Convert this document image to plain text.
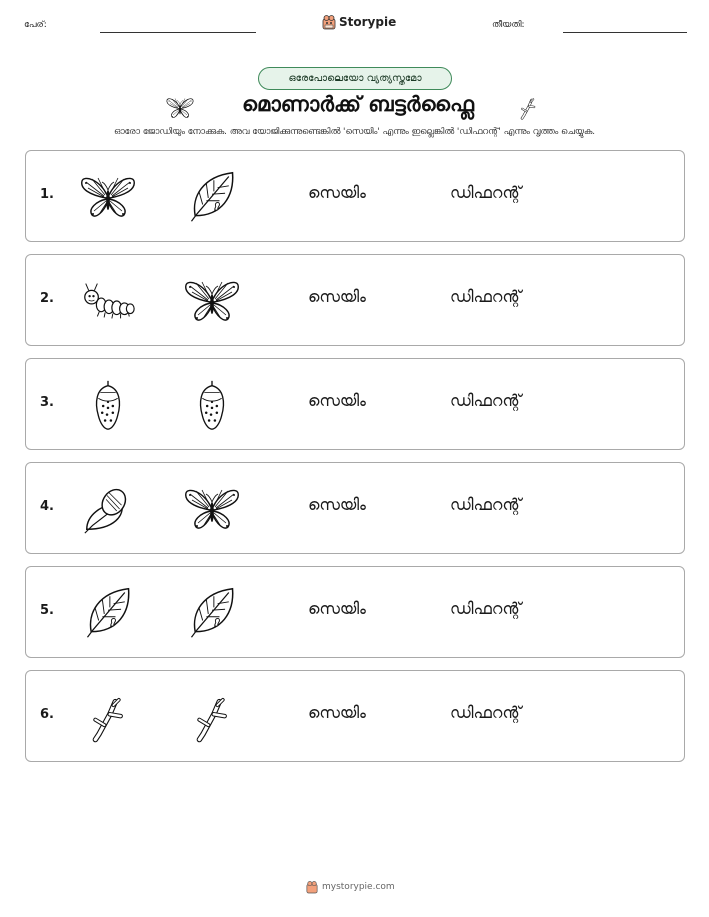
പേര്:	Storypie	തീയതി:
ഒരേപോലെയോ വ്യത്യസ്തമോ
മൊണാർക്ക് ബട്ടർഫ്ലൈ
ഓരോ ജോഡിയും നോക്കുക. അവ യോജിക്കുന്നുണ്ടെങ്കിൽ 'സെയിം' എന്നും ഇല്ലെങ്കിൽ 'ഡിഫറന്റ്' എന്നും വൃത്തം ചെയ്യുക.
1.	സെയിം	ഡിഫറന്റ്
2.	സെയിം	ഡിഫറന്റ്
3.	സെയിം	ഡിഫറന്റ്
4.	സെയിം	ഡിഫറന്റ്
5.	സെയിം	ഡിഫറന്റ്
6.	സെയിം	ഡിഫറന്റ്
mystorypie.com
